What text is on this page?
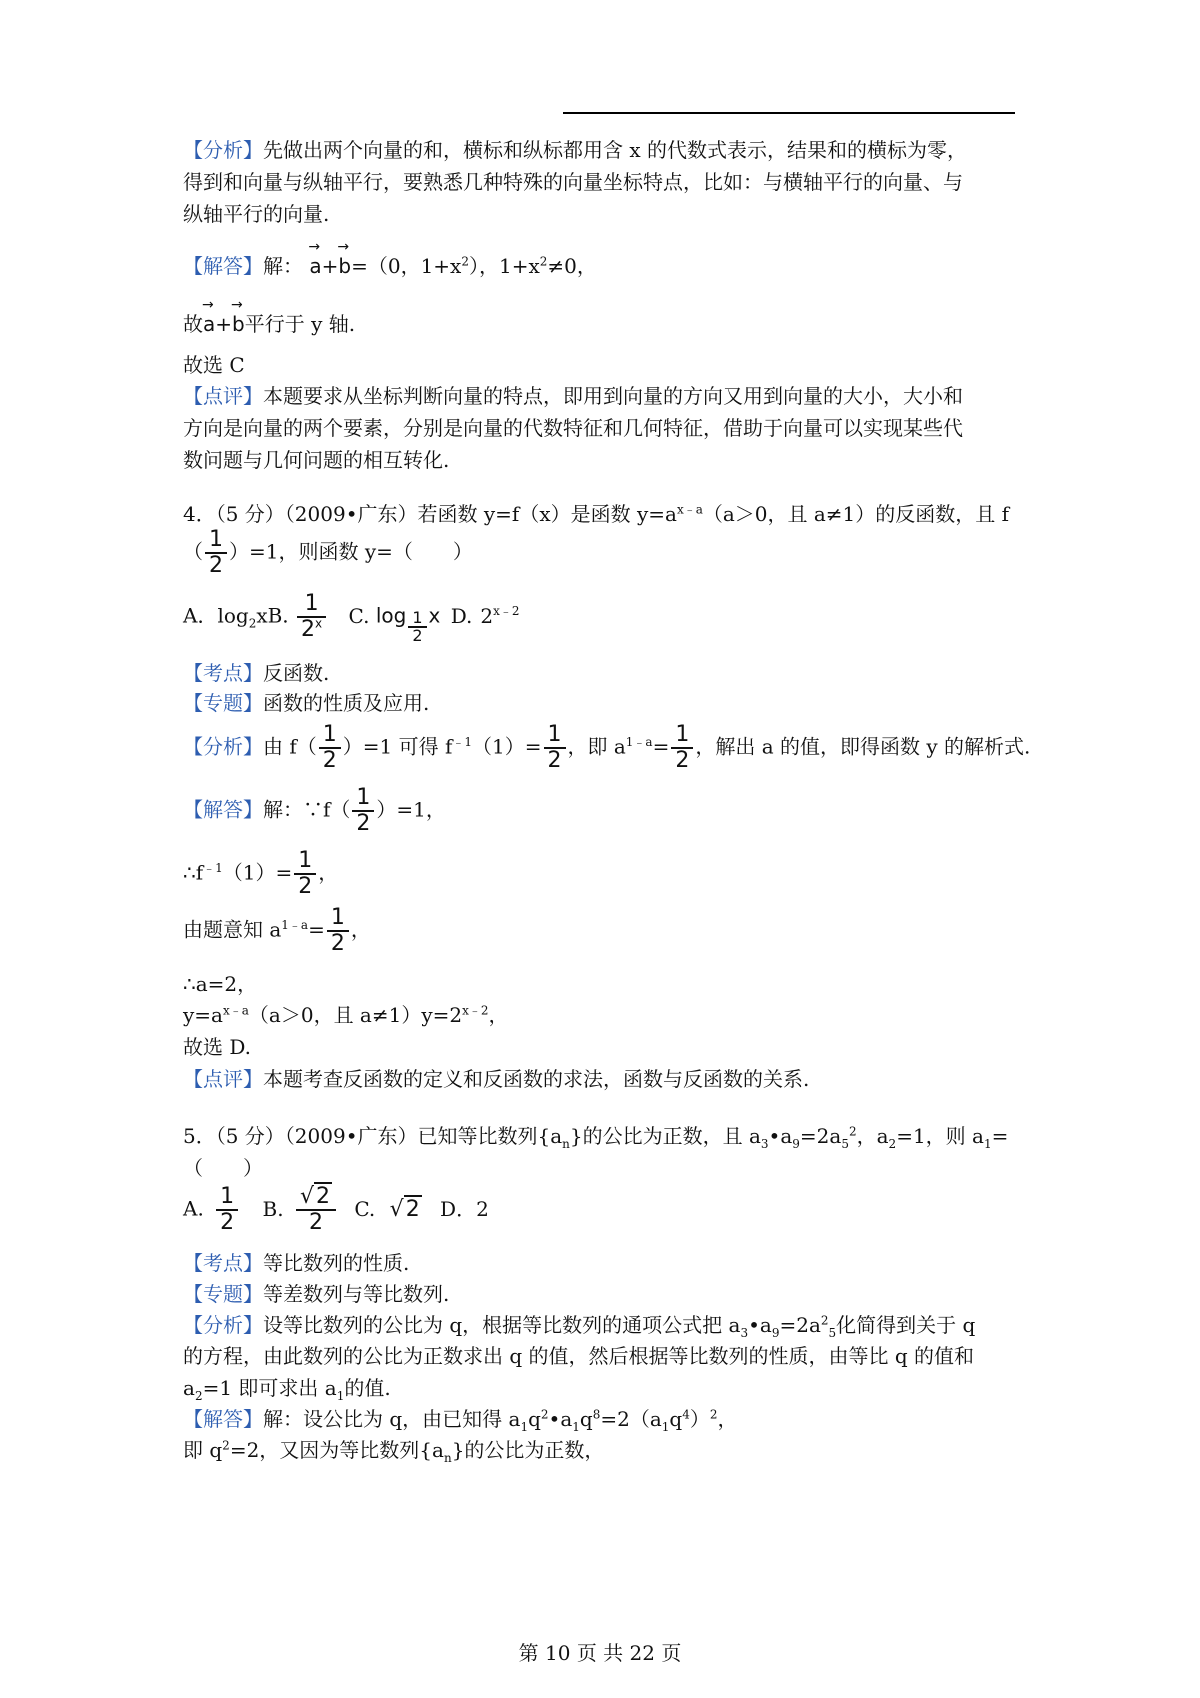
【分析】先做出两个向量的和，横标和纵标都用含 x 的代数式表示，结果和的横标为零，
得到和向量与纵轴平行，要熟悉几种特殊的向量坐标特点，比如：与横轴平行的向量、与
纵轴平行的向量.
【解答】解：
→
a+
→
b=（0，$1+x^2$），$1+x^2\ne 0$，
故
→
a+
→
b平行于 y 轴.
故选 C
【点评】本题要求从坐标判断向量的特点，即用到向量的方向又用到向量的大小，大小和
方向是向量的两个要素，分别是向量的代数特征和几何特征，借助于向量可以实现某些代
数问题与几何问题的相互转化.
4．（5 分）（2009•广东）若函数 y=f（x）是函数 $y=a^{x﹣a}(a>0$，且 a≠1）的反函数，且 f
（ $\frac{1}{2} )=1$，则函数 y=（　　）
A．$\log_2xB$. $\frac{1}{2^x} C$. $\log \frac{1}{2}$ x D. $2^{x﹣2}$
【考点】反函数.
【专题】函数的性质及应用.
【分析】由 $f( \frac{1}{2} )=1$ 可得 $f^{﹣1}(1)= \frac{1}{2}$ ，即 $a^{1﹣a}= \frac{1}{2}$ ，解出 a 的值，即得函数 y 的解析式.
【解答】解：∵f（ $\frac{1}{2} )=1$，
$\therefore f^{﹣1}(1)= \frac{1}{2}$ ，
由题意知 $a^{1﹣a}= \frac{1}{2}$ ，
∴a=2，
$y=a^{x﹣a}(a>0$，且 $a\ne 1)y=2^{x﹣2}$，
故选 D.
【点评】本题考查反函数的定义和反函数的求法，函数与反函数的关系.
5．（5 分）（2009•广东）已知等比数列$\{a_n\}$的公比为正数，且 $a_3•a_9=2a_5^2$，$a_2=1$，则 $a_1=$
（　　）
A. $\frac{1}{2} B$. $\frac{√2}{2} C$. √2 D．2
【考点】等比数列的性质.
【专题】等差数列与等比数列.
【分析】设等比数列的公比为 q，根据等比数列的通项公式把 $a_3•a_9=2a^2_5$化简得到关于 q
的方程，由此数列的公比为正数求出 q 的值，然后根据等比数列的性质，由等比 q 的值和
$a_2=1$ 即可求出 $a_1$的值.
【解答】解：设公比为 q，由已知得 $a_1q^2•a_1q^8=2(a_1q^4)^2$，
即 $q^2=2$，又因为等比数列$\{a_n\}$的公比为正数，
第 10 页 共 22 页
